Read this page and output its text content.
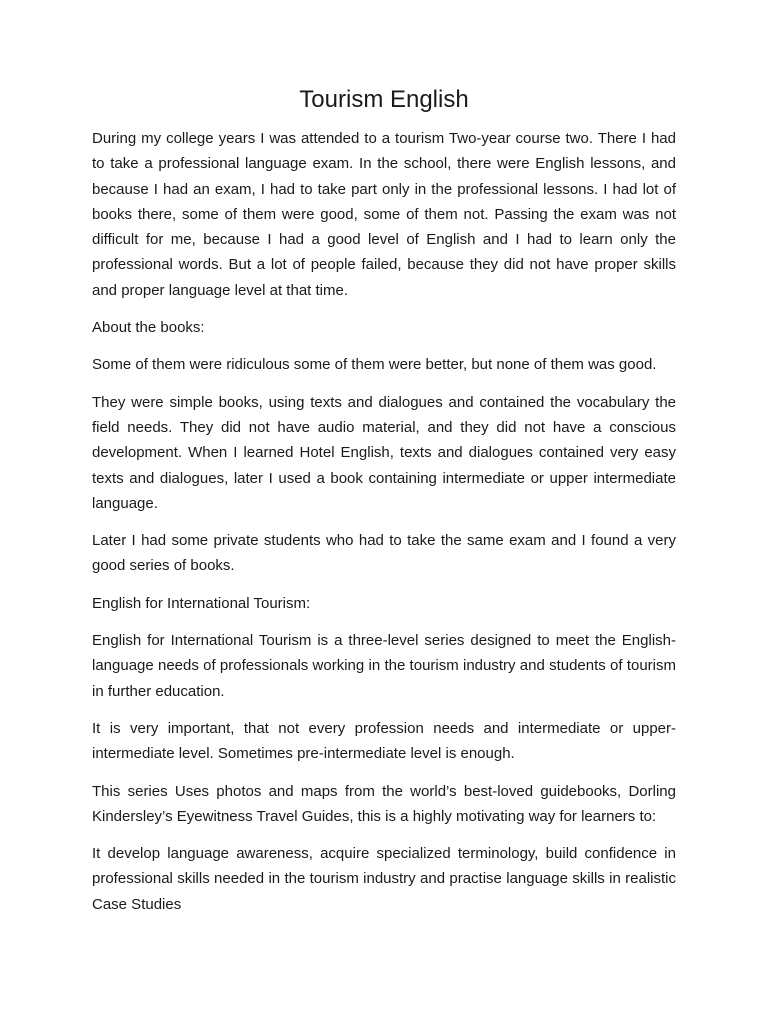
Tourism English

During my college years I was attended to a tourism Two-year course two. There I had to take a professional language exam. In the school, there were English lessons, and because I had an exam, I had to take part only in the professional lessons. I had lot of books there, some of them were good, some of them not. Passing the exam was not difficult for me, because I had a good level of English and I had to learn only the professional words. But a lot of people failed, because they did not have proper skills and proper language level at that time.

About the books:

Some of them were ridiculous some of them were better, but none of them was good.

They were simple books, using texts and dialogues and contained the vocabulary the field needs. They did not have audio material, and they did not have a conscious development. When I learned Hotel English, texts and dialogues contained very easy texts and dialogues, later I used a book containing intermediate or upper intermediate language.

Later I had some private students who had to take the same exam and I found a very good series of books.

English for International Tourism:

English for International Tourism is a three-level series designed to meet the English-language needs of professionals working in the tourism industry and students of tourism in further education.

It is very important, that not every profession needs and intermediate or upper-intermediate level. Sometimes pre-intermediate level is enough.

This series Uses photos and maps from the world’s best-loved guidebooks, Dorling Kindersley’s Eyewitness Travel Guides, this is a highly motivating way for learners to:

It develop language awareness, acquire specialized terminology, build confidence in professional skills needed in the tourism industry and practise language skills in realistic Case Studies
